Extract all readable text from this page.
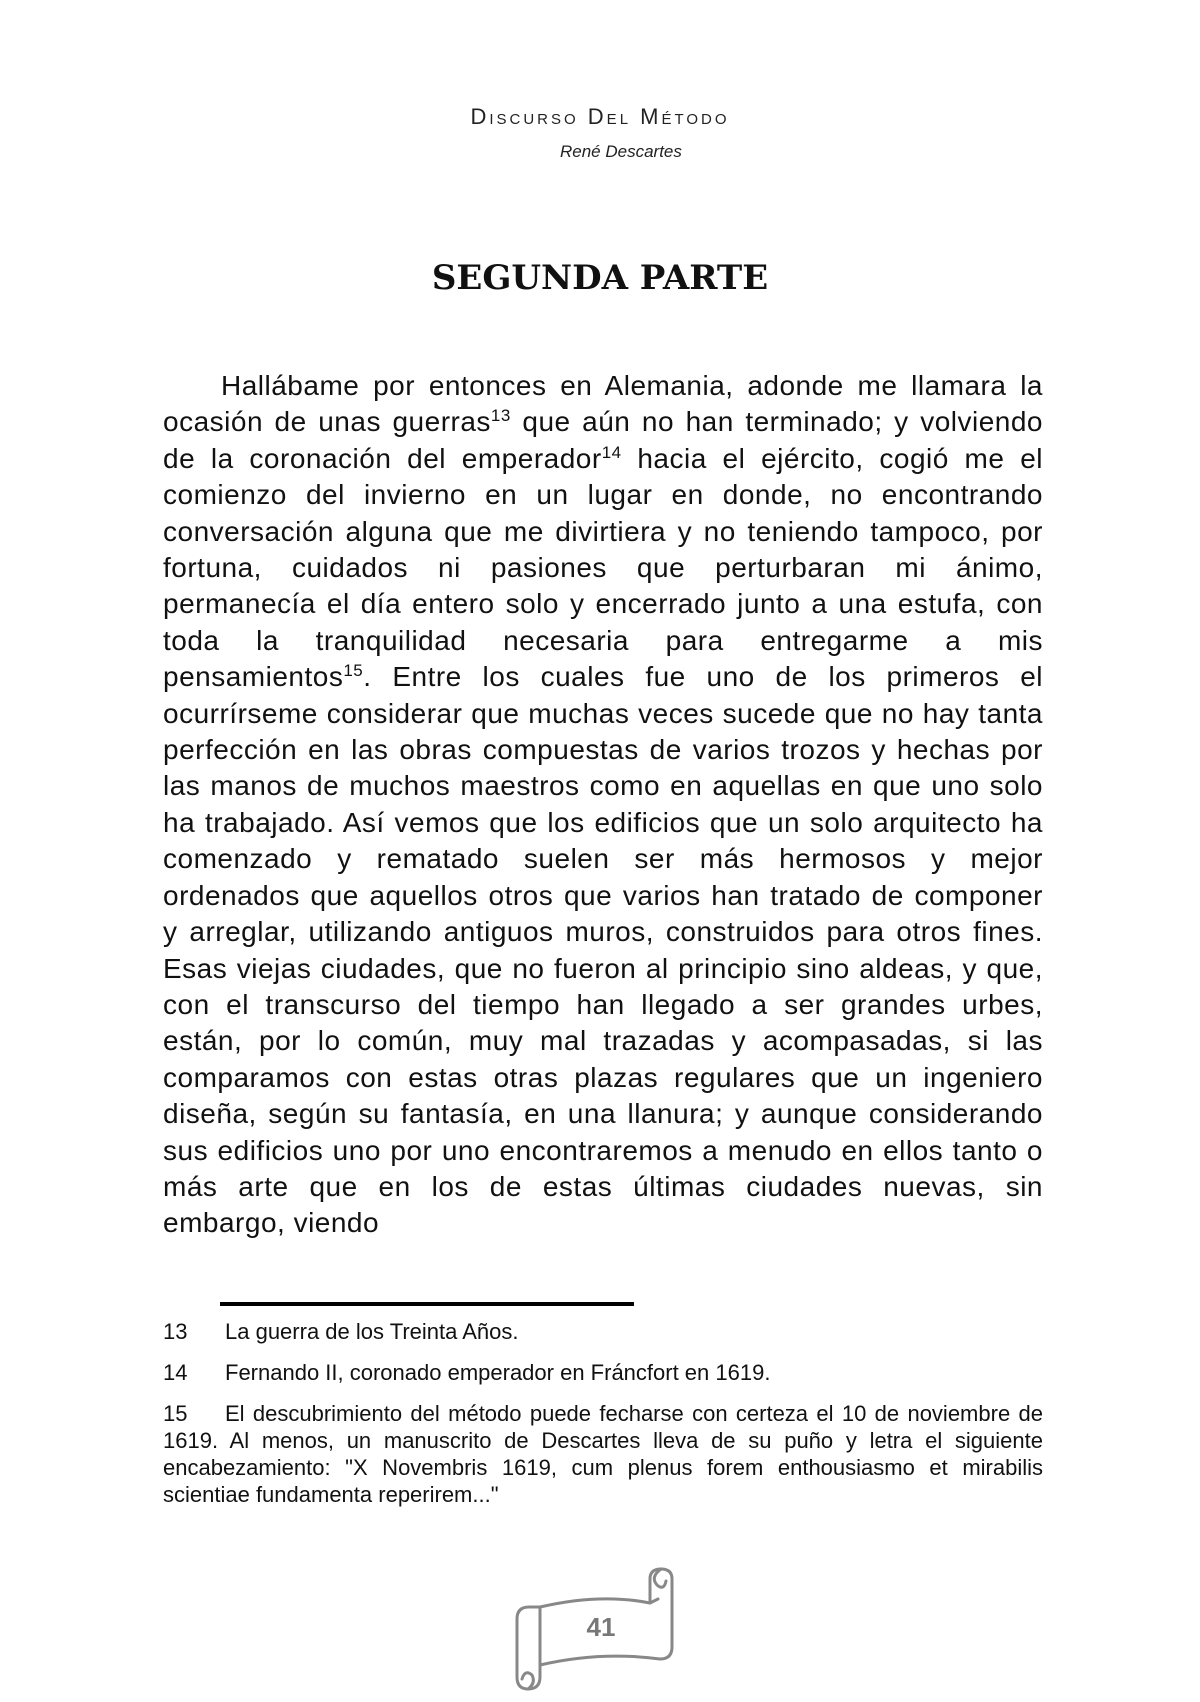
Discurso Del Método
René Descartes
SEGUNDA PARTE

Hallábame por entonces en Alemania, adonde me llamara la ocasión de unas guerras$^{13}$ que aún no han terminado; y volviendo de la coronación del emperador$^{14}$ hacia el ejército, cogió me el comienzo del invierno en un lugar en donde, no encontrando conversación alguna que me divirtiera y no teniendo tampoco, por fortuna, cuidados ni pasiones que perturbaran mi ánimo, permanecía el día entero solo y encerrado junto a una estufa, con toda la tranquilidad necesaria para entregarme a mis pensamientos$^{15}$. Entre los cuales fue uno de los primeros el ocurrírseme considerar que muchas veces sucede que no hay tanta perfección en las obras compuestas de varios trozos y hechas por las manos de muchos maestros como en aquellas en que uno solo ha trabajado. Así vemos que los edificios que un solo arquitecto ha comenzado y rematado suelen ser más hermosos y mejor ordenados que aquellos otros que varios han tratado de componer y arreglar, utilizando antiguos muros, construidos para otros fines. Esas viejas ciudades, que no fueron al principio sino aldeas, y que, con el transcurso del tiempo han llegado a ser grandes urbes, están, por lo común, muy mal trazadas y acompasadas, si las comparamos con estas otras plazas regulares que un ingeniero diseña, según su fantasía, en una llanura; y aunque considerando sus edificios uno por uno encontraremos a menudo en ellos tanto o más arte que en los de estas últimas ciudades nuevas, sin embargo, viendo

13 La guerra de los Treinta Años.

14 Fernando II, coronado emperador en Fráncfort en 1619.

15 El descubrimiento del método puede fecharse con certeza el 10 de noviembre de 1619. Al menos, un manuscrito de Descartes lleva de su puño y letra el siguiente encabezamiento: "X Novembris 1619, cum plenus forem enthousiasmo et mirabilis scientiae fundamenta reperirem..."

41
